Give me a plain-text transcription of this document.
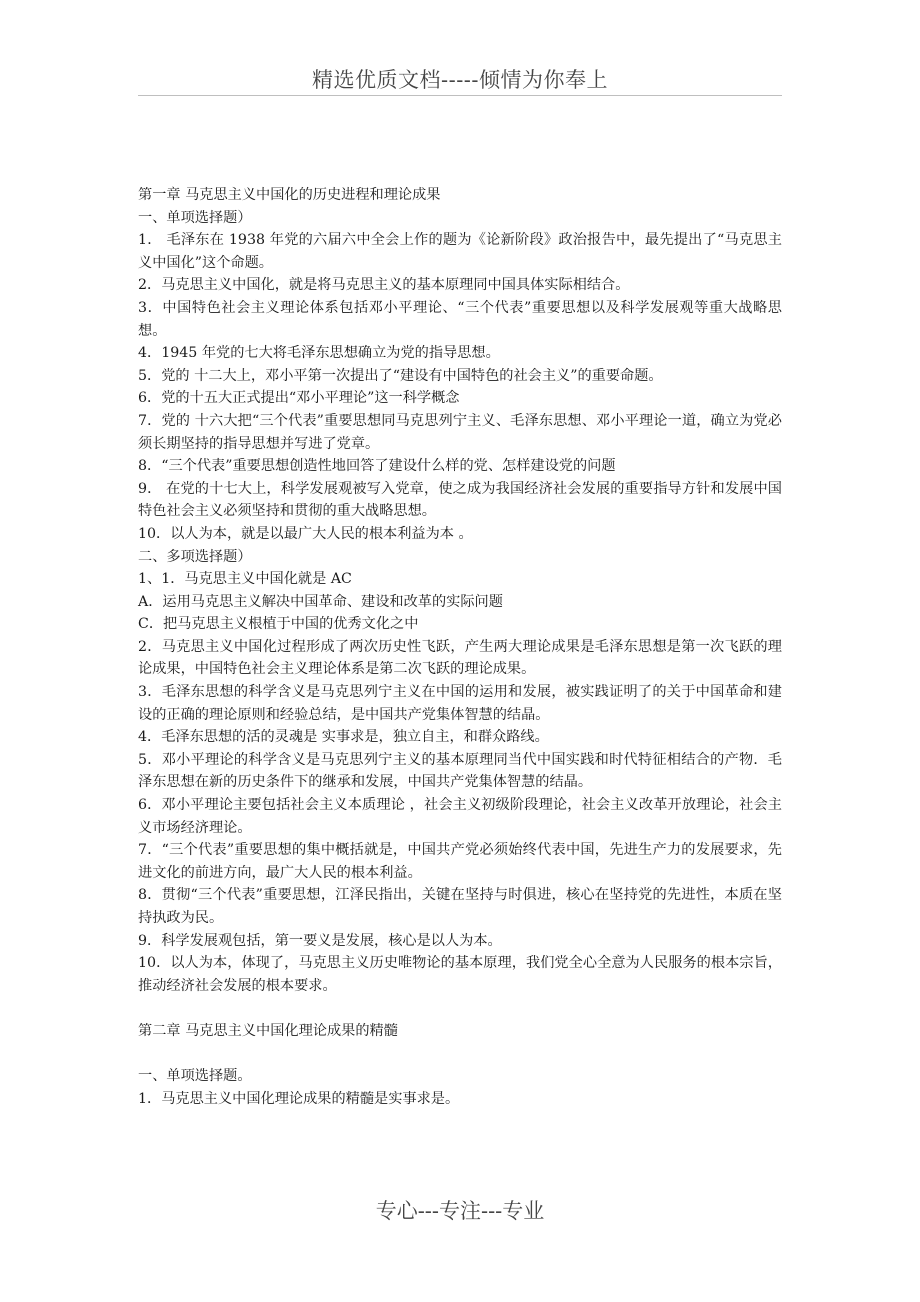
精选优质文档-----倾情为你奉上

第一章 马克思主义中国化的历史进程和理论成果

一、单项选择题）

1． 毛泽东在 1938 年党的六届六中全会上作的题为《论新阶段》政治报告中，最先提出了“马克思主义中国化”这个命题。

2．马克思主义中国化，就是将马克思主义的基本原理同中国具体实际相结合。

3．中国特色社会主义理论体系包括邓小平理论、“三个代表”重要思想以及科学发展观等重大战略思想。

4．1945 年党的七大将毛泽东思想确立为党的指导思想。

5．党的 十二大上，邓小平第一次提出了“建设有中国特色的社会主义”的重要命题。

6．党的十五大正式提出“邓小平理论”这一科学概念

7．党的 十六大把“三个代表”重要思想同马克思列宁主义、毛泽东思想、邓小平理论一道，确立为党必须长期坚持的指导思想并写进了党章。

8．“三个代表”重要思想创造性地回答了建设什么样的党、怎样建设党的问题

9． 在党的十七大上，科学发展观被写入党章，使之成为我国经济社会发展的重要指导方针和发展中国特色社会主义必须坚持和贯彻的重大战略思想。

10．以人为本，就是以最广大人民的根本利益为本 。

二、多项选择题）

1、1．马克思主义中国化就是 AC

A．运用马克思主义解决中国革命、建设和改革的实际问题

C．把马克思主义根植于中国的优秀文化之中

2．马克思主义中国化过程形成了两次历史性飞跃，产生两大理论成果是毛泽东思想是第一次飞跃的理论成果，中国特色社会主义理论体系是第二次飞跃的理论成果。

3．毛泽东思想的科学含义是马克思列宁主义在中国的运用和发展，被实践证明了的关于中国革命和建设的正确的理论原则和经验总结，是中国共产党集体智慧的结晶。

4．毛泽东思想的活的灵魂是 实事求是，独立自主，和群众路线。

5．邓小平理论的科学含义是马克思列宁主义的基本原理同当代中国实践和时代特征相结合的产物．毛泽东思想在新的历史条件下的继承和发展，中国共产党集体智慧的结晶。

6．邓小平理论主要包括社会主义本质理论 ，社会主义初级阶段理论，社会主义改革开放理论，社会主义市场经济理论。

7．“三个代表”重要思想的集中概括就是，中国共产党必须始终代表中国，先进生产力的发展要求，先进文化的前进方向，最广大人民的根本利益。

8．贯彻“三个代表”重要思想，江泽民指出，关键在坚持与时俱进，核心在坚持党的先进性，本质在坚持执政为民。

9．科学发展观包括，第一要义是发展，核心是以人为本。

10．以人为本，体现了，马克思主义历史唯物论的基本原理，我们党全心全意为人民服务的根本宗旨，推动经济社会发展的根本要求。

第二章 马克思主义中国化理论成果的精髓

一、单项选择题。

1．马克思主义中国化理论成果的精髓是实事求是。

专心---专注---专业
